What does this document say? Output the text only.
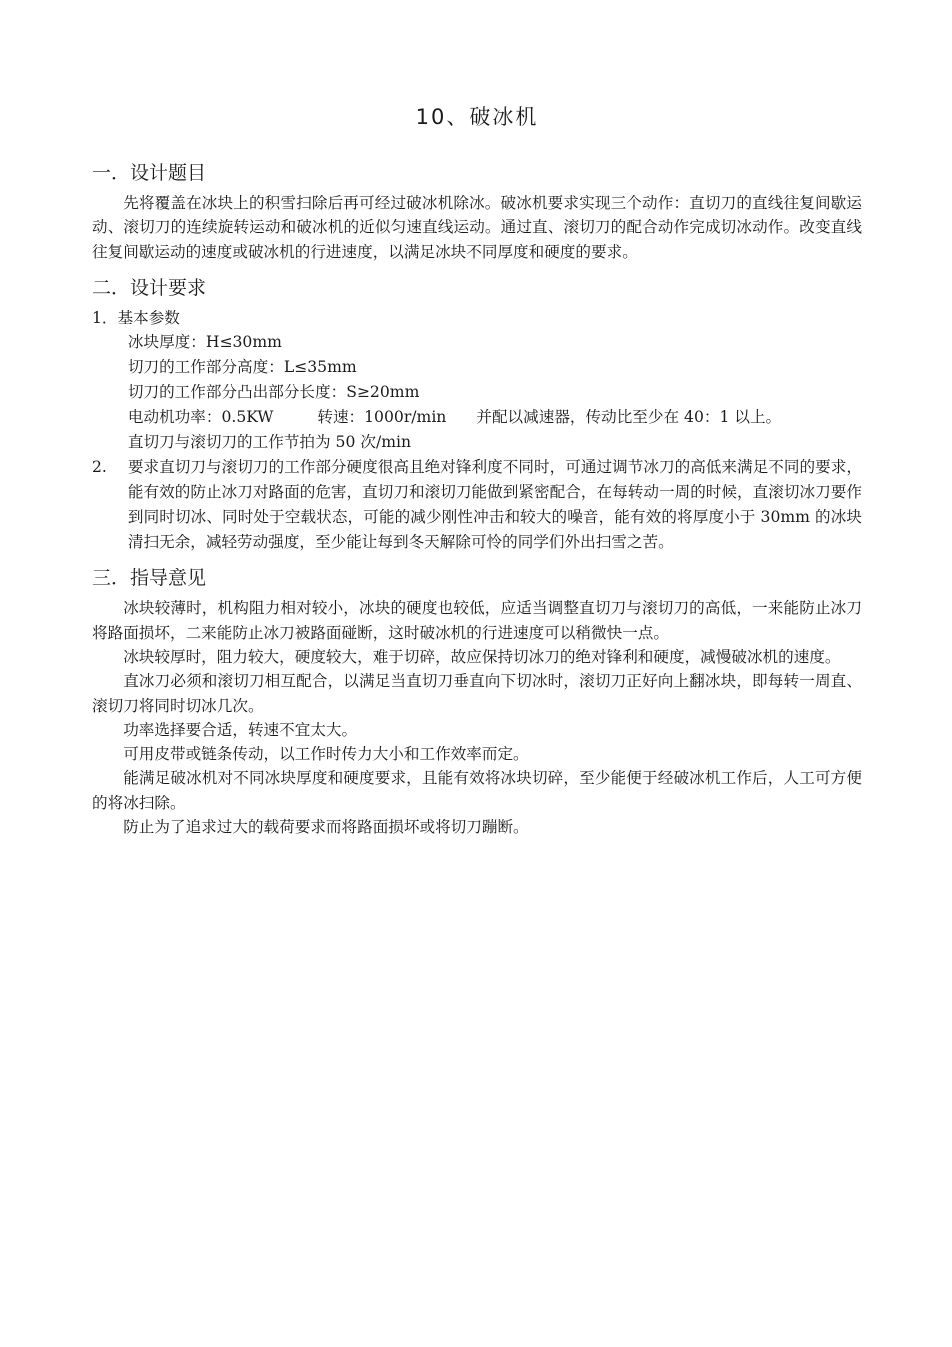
10、破冰机
一．设计题目

先将覆盖在冰块上的积雪扫除后再可经过破冰机除冰。破冰机要求实现三个动作：直切刀的直线往复间歇运动、滚切刀的连续旋转运动和破冰机的近似匀速直线运动。通过直、滚切刀的配合动作完成切冰动作。改变直线往复间歇运动的速度或破冰机的行进速度，以满足冰块不同厚度和硬度的要求。

二．设计要求

1．基本参数

冰块厚度：H≤30mm

切刀的工作部分高度：L≤35mm

切刀的工作部分凸出部分长度：S≥20mm

电动机功率：0.5KW	转速：1000r/min 并配以减速器，传动比至少在 40：1 以上。

直切刀与滚切刀的工作节拍为 50 次/min

2.	要求直切刀与滚切刀的工作部分硬度很高且绝对锋利度不同时，可通过调节冰刀的高低来满足不同的要求，能有效的防止冰刀对路面的危害，直切刀和滚切刀能做到紧密配合，在每转动一周的时候，直滚切冰刀要作到同时切冰、同时处于空载状态，可能的减少刚性冲击和较大的噪音，能有效的将厚度小于 30mm 的冰块清扫无余，减轻劳动强度，至少能让每到冬天解除可怜的同学们外出扫雪之苦。
三．指导意见

冰块较薄时，机构阻力相对较小，冰块的硬度也较低，应适当调整直切刀与滚切刀的高低，一来能防止冰刀将路面损坏，二来能防止冰刀被路面碰断，这时破冰机的行进速度可以稍微快一点。

冰块较厚时，阻力较大，硬度较大，难于切碎，故应保持切冰刀的绝对锋利和硬度，减慢破冰机的速度。

直冰刀必须和滚切刀相互配合，以满足当直切刀垂直向下切冰时，滚切刀正好向上翻冰块，即每转一周直、滚切刀将同时切冰几次。

功率选择要合适，转速不宜太大。

可用皮带或链条传动，以工作时传力大小和工作效率而定。

能满足破冰机对不同冰块厚度和硬度要求，且能有效将冰块切碎，至少能便于经破冰机工作后，人工可方便的将冰扫除。

防止为了追求过大的载荷要求而将路面损坏或将切刀蹦断。
